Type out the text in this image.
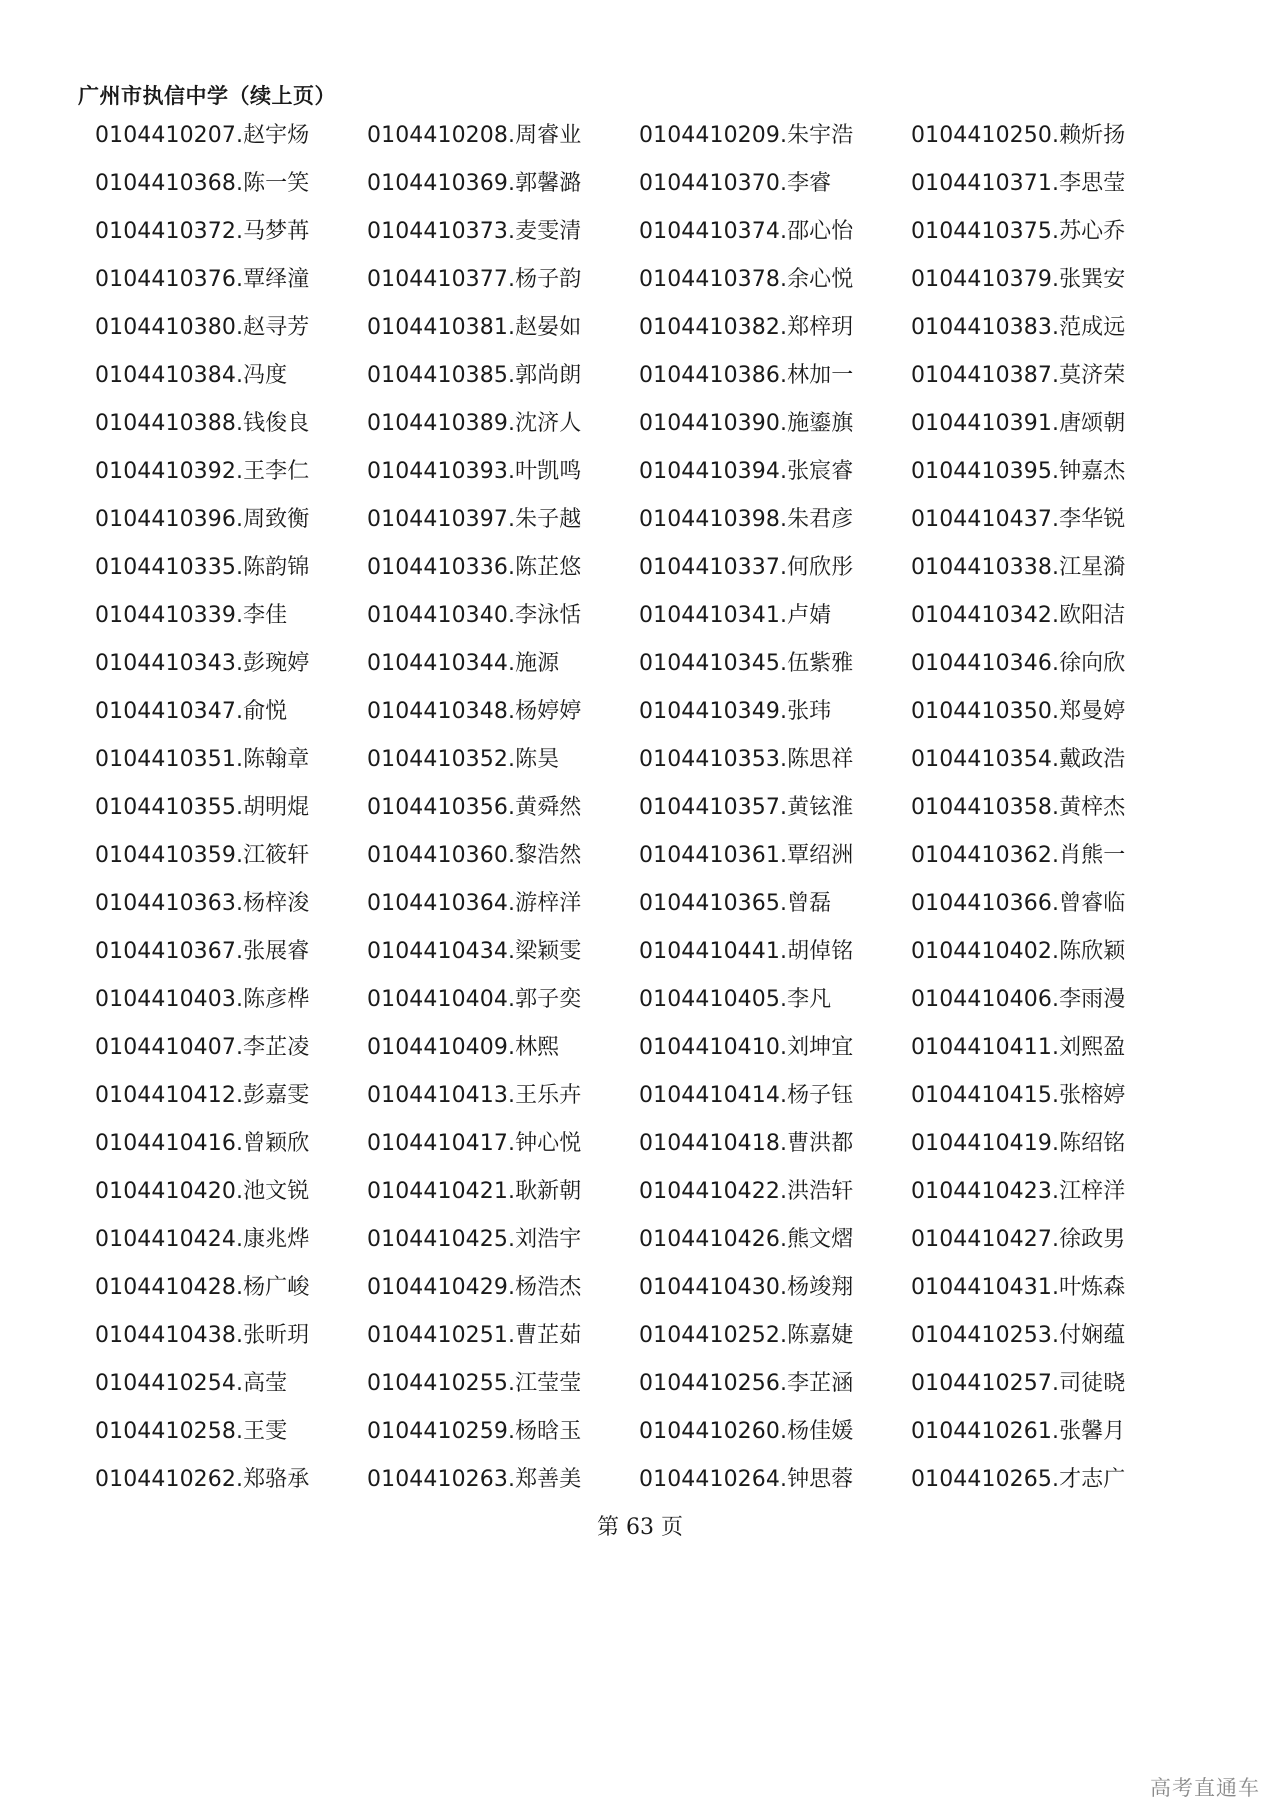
广州市执信中学（续上页）
0104410207.赵宇炀	0104410208.周睿业	0104410209.朱宇浩	0104410250.赖炘扬
0104410368.陈一笑	0104410369.郭馨潞	0104410370.李睿	0104410371.李思莹
0104410372.马梦苒	0104410373.麦雯清	0104410374.邵心怡	0104410375.苏心乔
0104410376.覃绎潼	0104410377.杨子韵	0104410378.余心悦	0104410379.张巽安
0104410380.赵寻芳	0104410381.赵晏如	0104410382.郑梓玥	0104410383.范成远
0104410384.冯度	0104410385.郭尚朗	0104410386.林加一	0104410387.莫济荣
0104410388.钱俊良	0104410389.沈济人	0104410390.施鎏旗	0104410391.唐颂朝
0104410392.王李仁	0104410393.叶凯鸣	0104410394.张宸睿	0104410395.钟嘉杰
0104410396.周致衡	0104410397.朱子越	0104410398.朱君彦	0104410437.李华锐
0104410335.陈韵锦	0104410336.陈芷悠	0104410337.何欣彤	0104410338.江星漪
0104410339.李佳	0104410340.李泳恬	0104410341.卢婧	0104410342.欧阳洁
0104410343.彭琬婷	0104410344.施源	0104410345.伍紫雅	0104410346.徐向欣
0104410347.俞悦	0104410348.杨婷婷	0104410349.张玮	0104410350.郑曼婷
0104410351.陈翰章	0104410352.陈昊	0104410353.陈思祥	0104410354.戴政浩
0104410355.胡明焜	0104410356.黄舜然	0104410357.黄铉淮	0104410358.黄梓杰
0104410359.江筱轩	0104410360.黎浩然	0104410361.覃绍洲	0104410362.肖熊一
0104410363.杨梓浚	0104410364.游梓洋	0104410365.曾磊	0104410366.曾睿临
0104410367.张展睿	0104410434.梁颖雯	0104410441.胡倬铭	0104410402.陈欣颖
0104410403.陈彦桦	0104410404.郭子奕	0104410405.李凡	0104410406.李雨漫
0104410407.李芷凌	0104410409.林熙	0104410410.刘坤宜	0104410411.刘熙盈
0104410412.彭嘉雯	0104410413.王乐卉	0104410414.杨子钰	0104410415.张榕婷
0104410416.曾颖欣	0104410417.钟心悦	0104410418.曹洪都	0104410419.陈绍铭
0104410420.池文锐	0104410421.耿新朝	0104410422.洪浩轩	0104410423.江梓洋
0104410424.康兆烨	0104410425.刘浩宇	0104410426.熊文熠	0104410427.徐政男
0104410428.杨广峻	0104410429.杨浩杰	0104410430.杨竣翔	0104410431.叶炼森
0104410438.张昕玥	0104410251.曹芷茹	0104410252.陈嘉婕	0104410253.付娴蕴
0104410254.高莹	0104410255.江莹莹	0104410256.李芷涵	0104410257.司徒晓
0104410258.王雯	0104410259.杨晗玉	0104410260.杨佳媛	0104410261.张馨月
0104410262.郑骆承	0104410263.郑善美	0104410264.钟思蓉	0104410265.才志广
第 63 页
高考直通车
